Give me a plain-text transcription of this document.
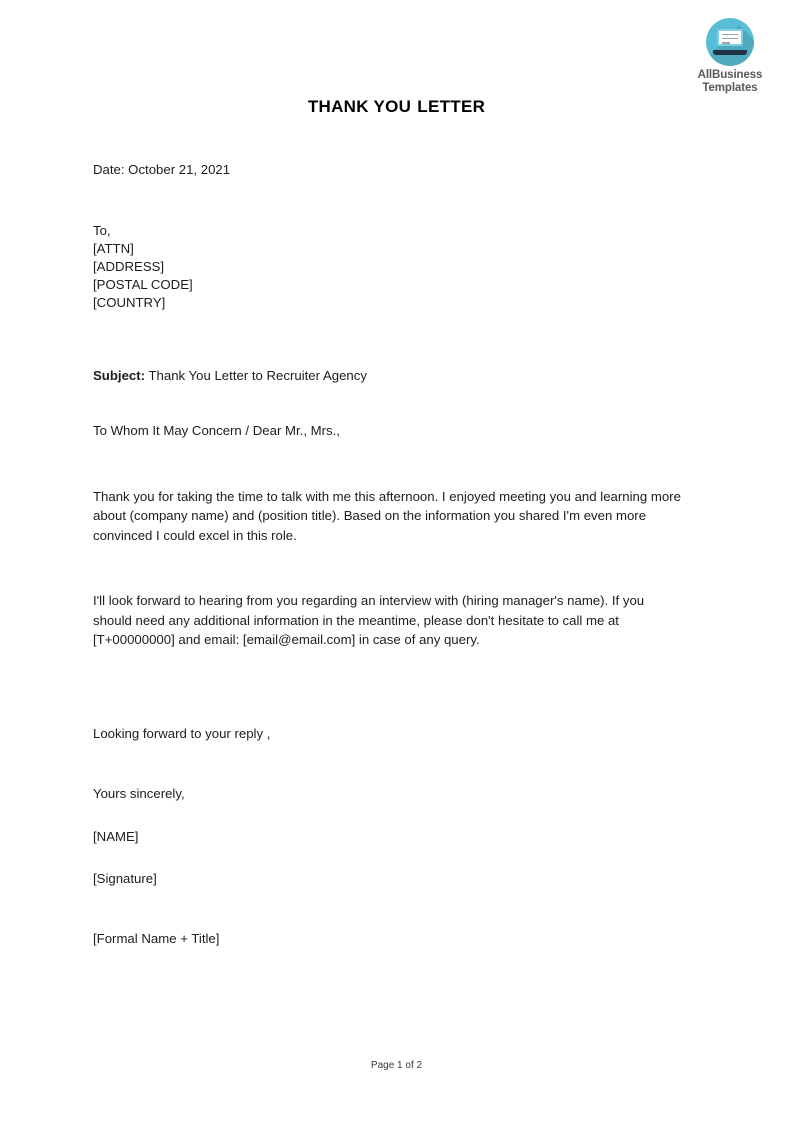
AllBusiness
Templates
THANK YOU LETTER

Date: October 21, 2021

To,
[ATTN]
[ADDRESS]
[POSTAL CODE]
[COUNTRY]

Subject: Thank You Letter to Recruiter Agency

To Whom It May Concern / Dear Mr., Mrs.,

Thank you for taking the time to talk with me this afternoon. I enjoyed meeting you and learning more about (company name) and (position title). Based on the information you shared I'm even more convinced I could excel in this role.

I'll look forward to hearing from you regarding an interview with (hiring manager's name). If you should need any additional information in the meantime, please don't hesitate to call me at [T+00000000] and email: [email@email.com] in case of any query.

Looking forward to your reply ,

Yours sincerely,

[NAME]

[Signature]

[Formal Name + Title]

Page 1 of 2
